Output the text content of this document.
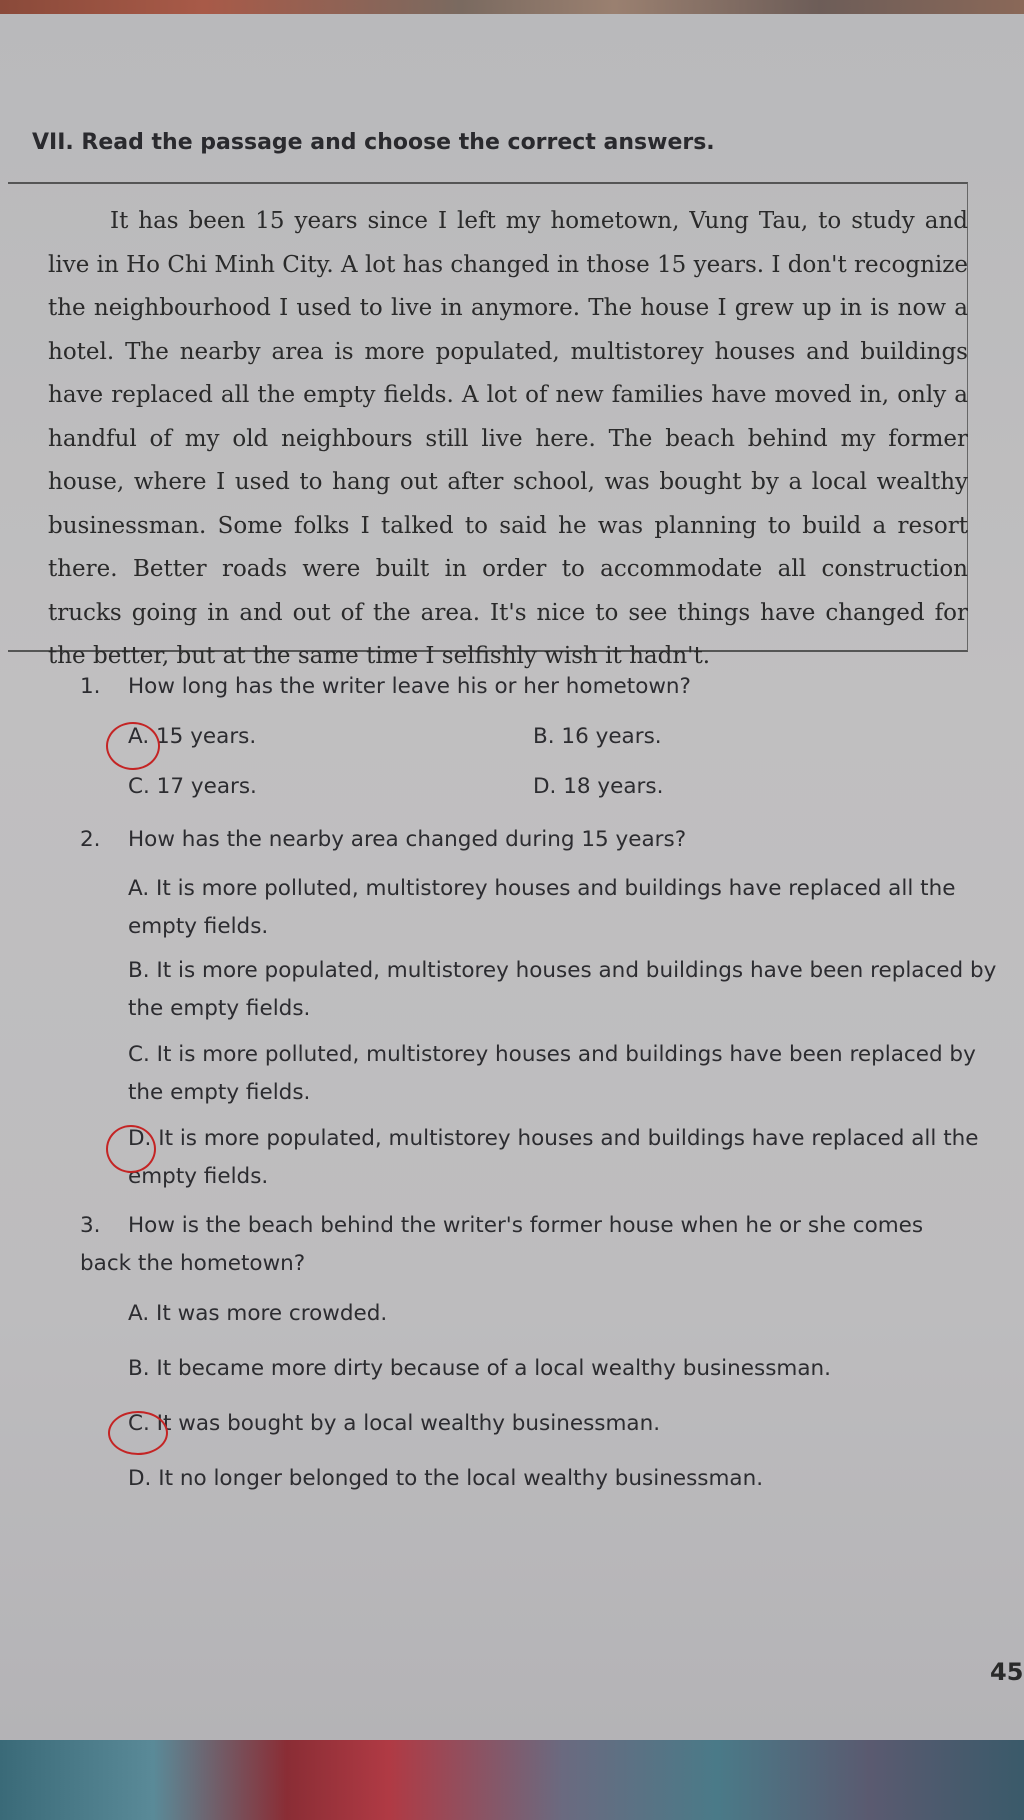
VII. Read the passage and choose the correct answers.

It has been 15 years since I left my hometown, Vung Tau, to study and live in Ho Chi Minh City. A lot has changed in those 15 years. I don't recognize the neighbourhood I used to live in anymore. The house I grew up in is now a hotel. The nearby area is more populated, multistorey houses and buildings have replaced all the empty fields. A lot of new families have moved in, only a handful of my old neighbours still live here. The beach behind my former house, where I used to hang out after school, was bought by a local wealthy businessman. Some folks I talked to said he was planning to build a resort there. Better roads were built in order to accommodate all construction trucks going in and out of the area. It's nice to see things have changed for the better, but at the same time I selfishly wish it hadn't.

1. How long has the writer leave his or her hometown?

A. 15 years.	B. 16 years.

C. 17 years.	D. 18 years.

2. How has the nearby area changed during 15 years?

A. It is more polluted, multistorey houses and buildings have replaced all the empty fields.

B. It is more populated, multistorey houses and buildings have been replaced by the empty fields.

C. It is more polluted, multistorey houses and buildings have been replaced by the empty fields.

D. It is more populated, multistorey houses and buildings have replaced all the empty fields.

3. How is the beach behind the writer's former house when he or she comes back the hometown?

A. It was more crowded.

B. It became more dirty because of a local wealthy businessman.

C. It was bought by a local wealthy businessman.

D. It no longer belonged to the local wealthy businessman.

45
